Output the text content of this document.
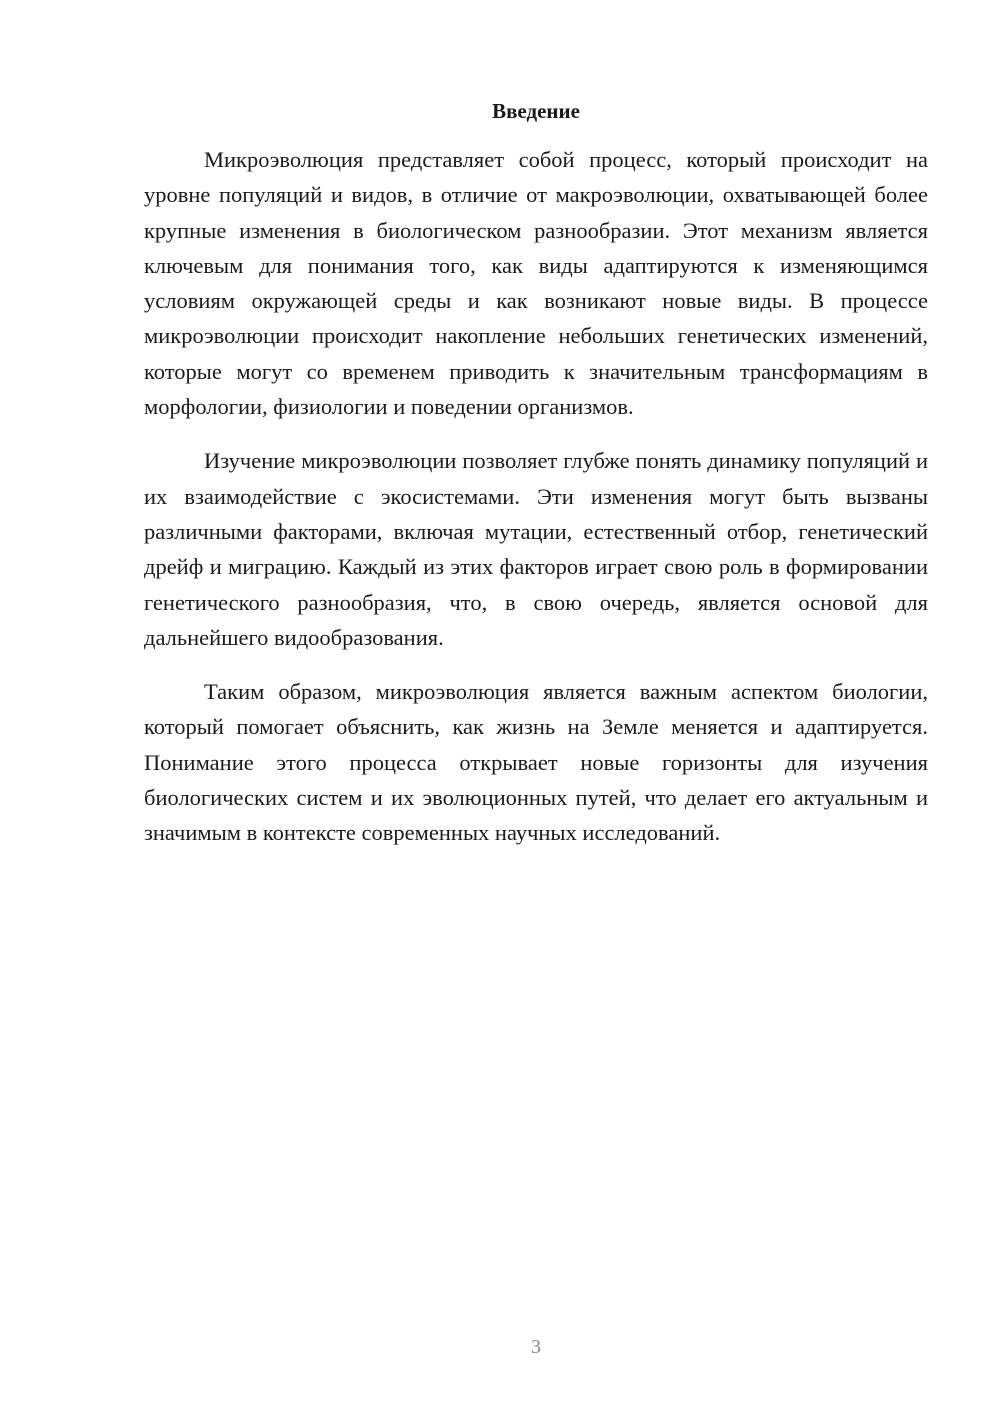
Введение

Микроэволюция представляет собой процесс, который происходит на уровне популяций и видов, в отличие от макроэволюции, охватывающей более крупные изменения в биологическом разнообразии. Этот механизм является ключевым для понимания того, как виды адаптируются к изменяющимся условиям окружающей среды и как возникают новые виды. В процессе микроэволюции происходит накопление небольших генетических изменений, которые могут со временем приводить к значительным трансформациям в морфологии, физиологии и поведении организмов.

Изучение микроэволюции позволяет глубже понять динамику популяций и их взаимодействие с экосистемами. Эти изменения могут быть вызваны различными факторами, включая мутации, естественный отбор, генетический дрейф и миграцию. Каждый из этих факторов играет свою роль в формировании генетического разнообразия, что, в свою очередь, является основой для дальнейшего видообразования.

Таким образом, микроэволюция является важным аспектом биологии, который помогает объяснить, как жизнь на Земле меняется и адаптируется. Понимание этого процесса открывает новые горизонты для изучения биологических систем и их эволюционных путей, что делает его актуальным и значимым в контексте современных научных исследований.

3
